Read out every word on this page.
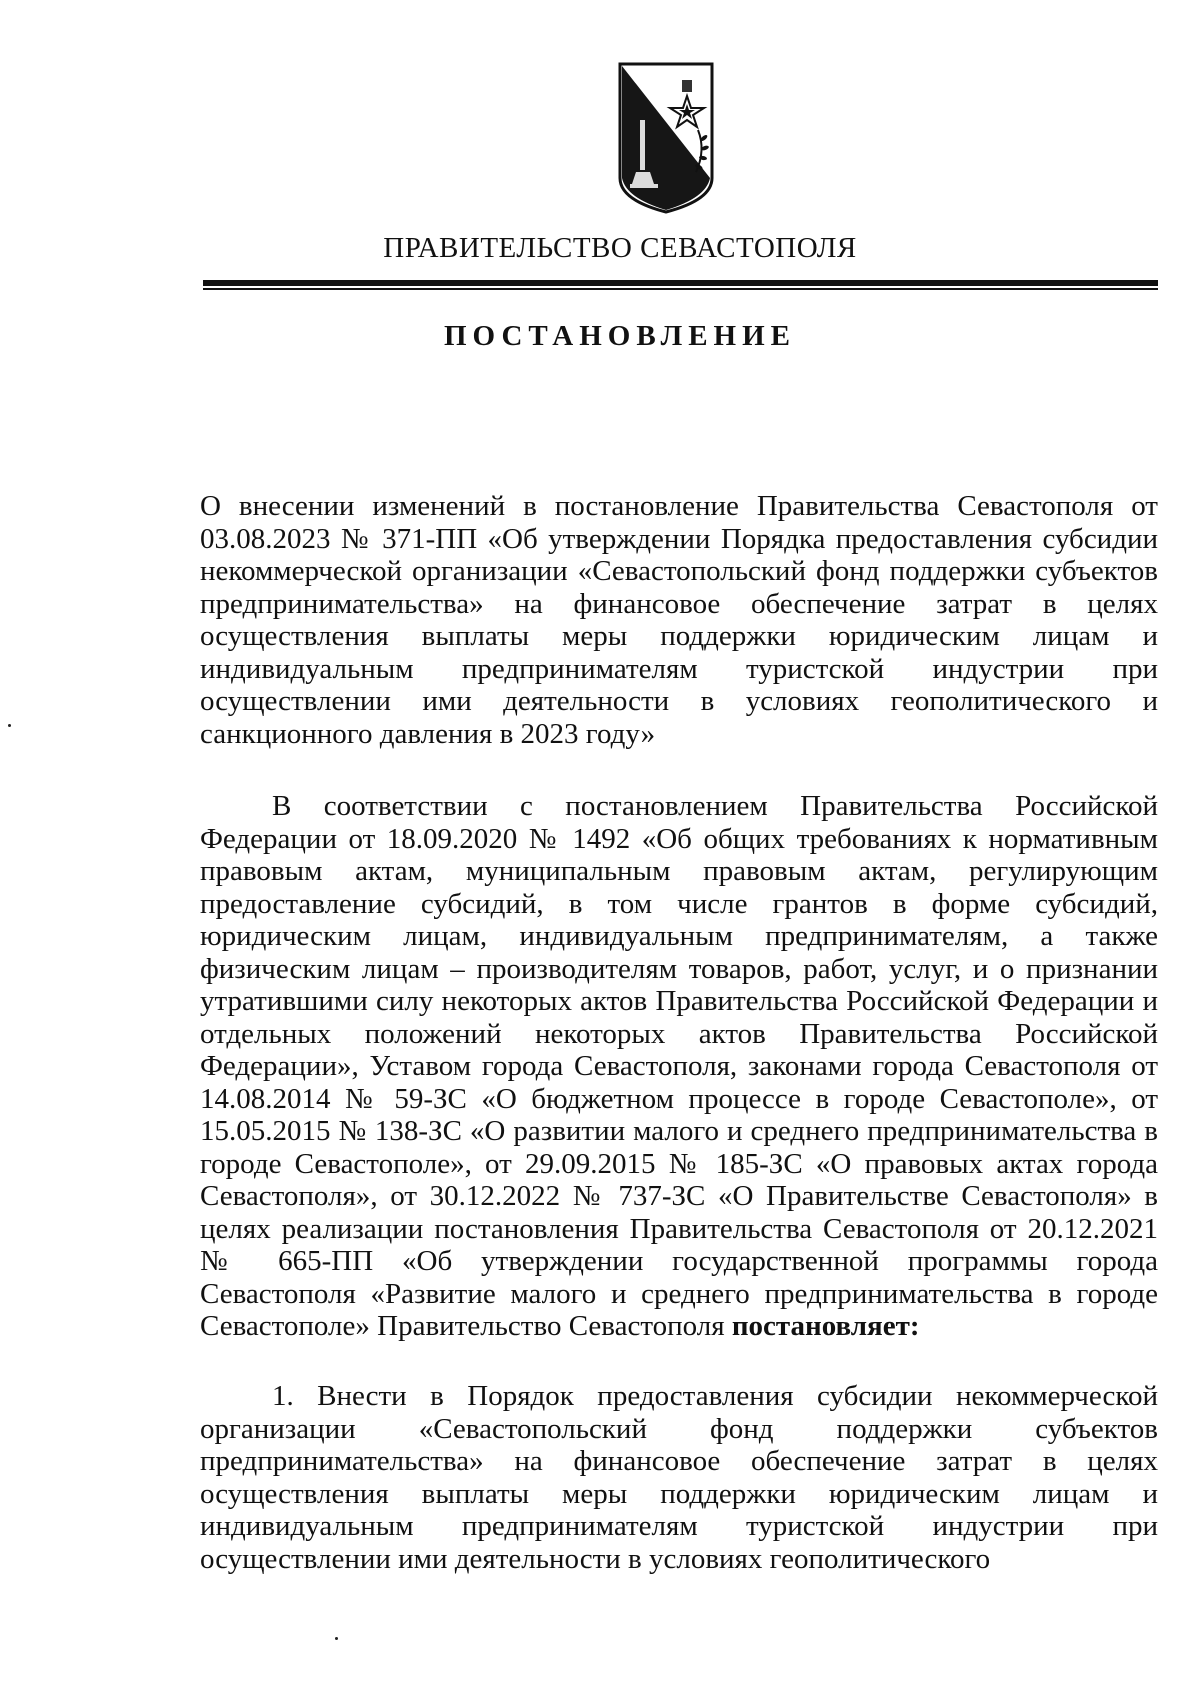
ПРАВИТЕЛЬСТВО СЕВАСТОПОЛЯ
ПОСТАНОВЛЕНИЕ

О внесении изменений в постановление Правительства Севастополя от 03.08.2023 № 371-ПП «Об утверждении Порядка предоставления субсидии некоммерческой организации «Севастопольский фонд поддержки субъектов предпринимательства» на финансовое обеспечение затрат в целях осуществления выплаты меры поддержки юридическим лицам и индивидуальным предпринимателям туристской индустрии при осуществлении ими деятельности в условиях геополитического и санкционного давления в 2023 году»

В соответствии с постановлением Правительства Российской Федерации от 18.09.2020 № 1492 «Об общих требованиях к нормативным правовым актам, муниципальным правовым актам, регулирующим предоставление субсидий, в том числе грантов в форме субсидий, юридическим лицам, индивидуальным предпринимателям, а также физическим лицам – производителям товаров, работ, услуг, и о признании утратившими силу некоторых актов Правительства Российской Федерации и отдельных положений некоторых актов Правительства Российской Федерации», Уставом города Севастополя, законами города Севастополя от 14.08.2014 № 59-ЗС «О бюджетном процессе в городе Севастополе», от 15.05.2015 № 138-ЗС «О развитии малого и среднего предпринимательства в городе Севастополе», от 29.09.2015 № 185-ЗС «О правовых актах города Севастополя», от 30.12.2022 № 737-ЗС «О Правительстве Севастополя» в целях реализации постановления Правительства Севастополя от 20.12.2021 № 665-ПП «Об утверждении государственной программы города Севастополя «Развитие малого и среднего предпринимательства в городе Севастополе» Правительство Севастополя постановляет:

1. Внести в Порядок предоставления субсидии некоммерческой организации «Севастопольский фонд поддержки субъектов предпринимательства» на финансовое обеспечение затрат в целях осуществления выплаты меры поддержки юридическим лицам и индивидуальным предпринимателям туристской индустрии при осуществлении ими деятельности в условиях геополитического
